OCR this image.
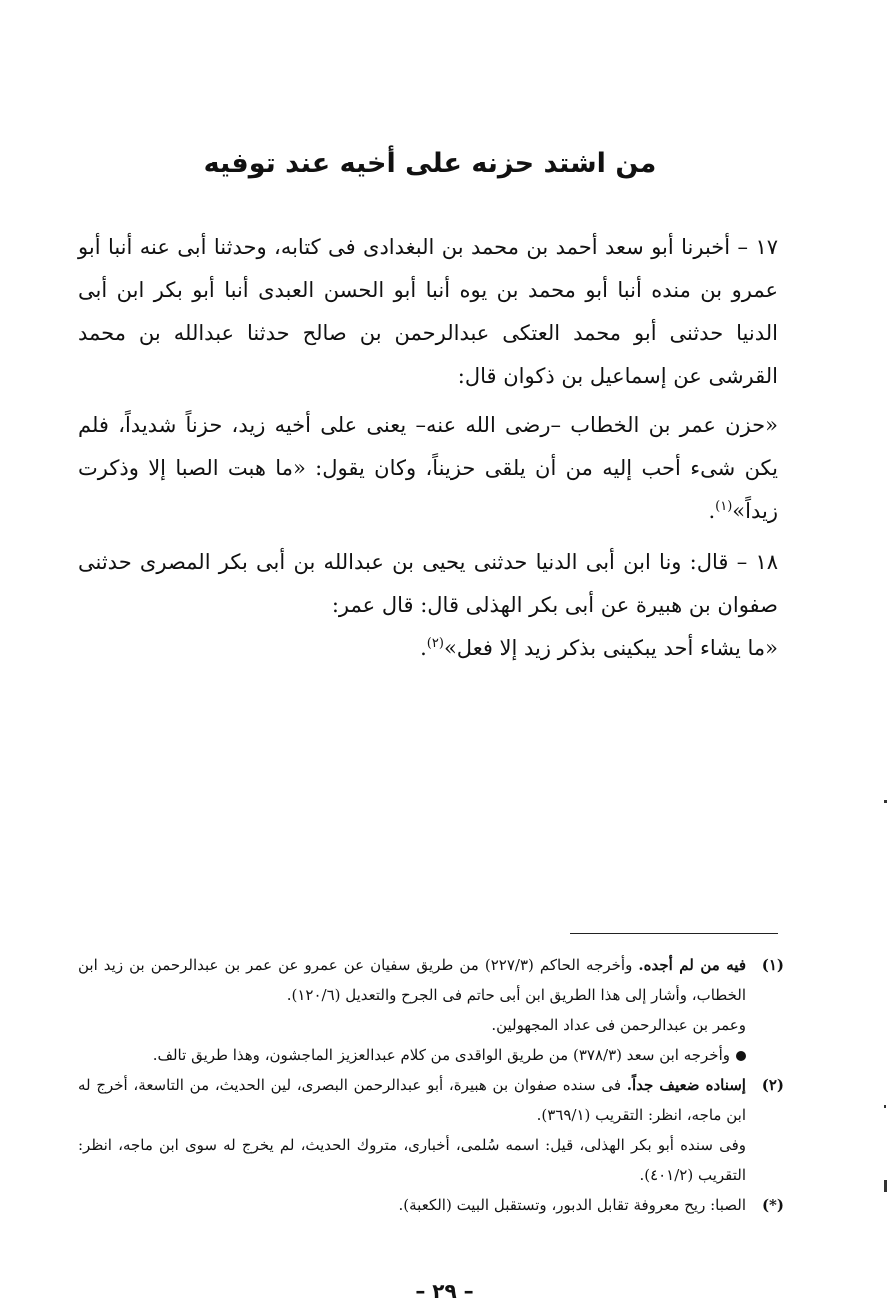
من اشتد حزنه على أخيه عند توفيه
١٧ – أخبرنا أبو سعد أحمد بن محمد بن البغدادى فى كتابه، وحدثنا أبى عنه أنبا أبو عمرو بن منده أنبا أبو محمد بن يوه أنبا أبو الحسن العبدى أنبا أبو بكر ابن أبى الدنيا حدثنى أبو محمد العتكى عبدالرحمن بن صالح حدثنا عبدالله بن محمد القرشى عن إسماعيل بن ذكوان قال:
«حزن عمر بن الخطاب –رضى الله عنه– يعنى على أخيه زيد، حزناً شديداً، فلم يكن شىء أحب إليه من أن يلقى حزيناً، وكان يقول: «ما هبت الصبا إلا وذكرت زيداً»$^{(١)}$.
١٨ – قال: ونا ابن أبى الدنيا حدثنى يحيى بن عبدالله بن أبى بكر المصرى حدثنى صفوان بن هبيرة عن أبى بكر الهذلى قال: قال عمر:
«ما يشاء أحد يبكينى بذكر زيد إلا فعل»$^{(٢)}$.
(١)
فيه من لم أجده. وأخرجه الحاكم (٢٢٧/٣) من طريق سفيان عن عمرو عن عمر بن عبدالرحمن بن زيد ابن الخطاب، وأشار إلى هذا الطريق ابن أبى حاتم فى الجرح والتعديل (١٢٠/٦).
وعمر بن عبدالرحمن فى عداد المجهولين.
وأخرجه ابن سعد (٣٧٨/٣) من طريق الواقدى من كلام عبدالعزيز الماجشون، وهذا طريق تالف.
(٢)
إسناده ضعيف جداً. فى سنده صفوان بن هبيرة، أبو عبدالرحمن البصرى، لين الحديث، من التاسعة، أخرج له ابن ماجه، انظر: التقريب (٣٦٩/١).
وفى سنده أبو بكر الهذلى، قيل: اسمه سُلمى، أخبارى، متروك الحديث، لم يخرج له سوى ابن ماجه، انظر: التقريب (٤٠١/٢).
(*)
الصبا: ريح معروفة تقابل الدبور، وتستقبل البيت (الكعبة).
– ٢٩ –
